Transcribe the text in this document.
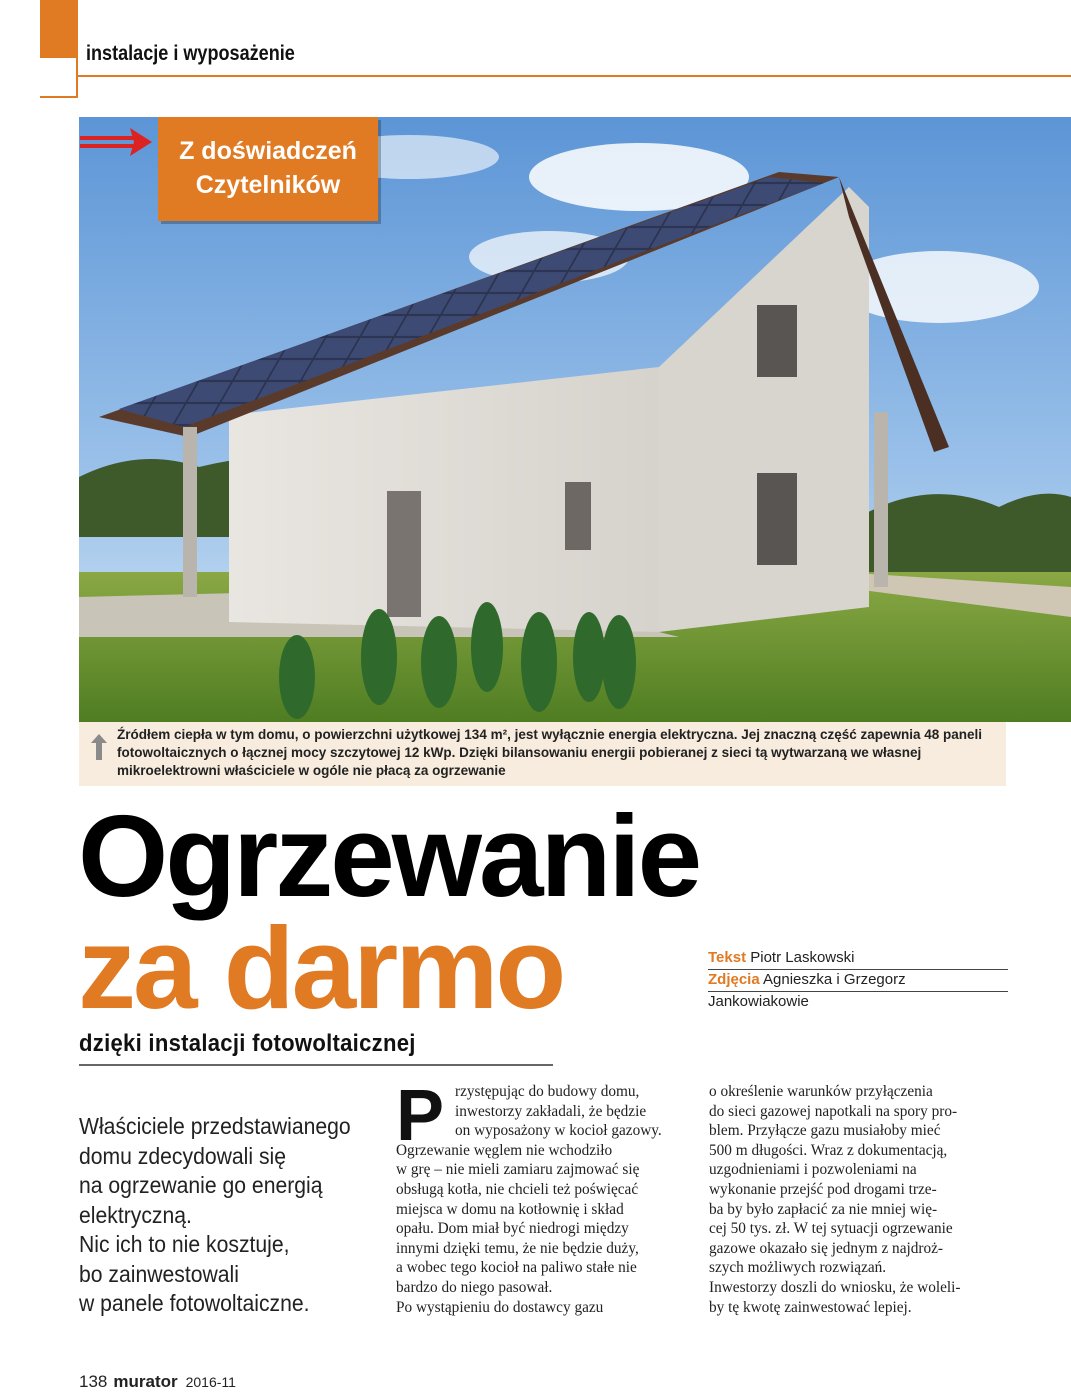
instalacje i wyposażenie
Z doświadczeń
Czytelników
Źródłem ciepła w tym domu, o powierzchni użytkowej 134 m², jest wyłącznie energia elektryczna. Jej znaczną część zapewnia 48 paneli
fotowoltaicznych o łącznej mocy szczytowej 12 kWp. Dzięki bilansowaniu energii pobieranej z sieci tą wytwarzaną we własnej
mikroelektrowni właściciele w ogóle nie płacą za ogrzewanie
Ogrzewanie
za darmo	Tekst Piotr Laskowski
Zdjęcia Agnieszka i Grzegorz
Jankowiakowie
dzięki instalacji fotowoltaicznej
Właściciele przedstawianego
domu zdecydowali się
na ogrzewanie go energią
elektryczną.
Nic ich to nie kosztuje,
bo zainwestowali
w panele fotowoltaiczne.
P rzystępując do budowy domu,
inwestorzy zakładali, że będzie
on wyposażony w kocioł gazowy.
Ogrzewanie węglem nie wchodziło
w grę – nie mieli zamiaru zajmować się
obsługą kotła, nie chcieli też poświęcać
miejsca w domu na kotłownię i skład
opału. Dom miał być niedrogi między
innymi dzięki temu, że nie będzie duży,
a wobec tego kocioł na paliwo stałe nie
bardzo do niego pasował.
Po wystąpieniu do dostawcy gazu
o określenie warunków przyłączenia
do sieci gazowej napotkali na spory pro-
blem. Przyłącze gazu musiałoby mieć
500 m długości. Wraz z dokumentacją,
uzgodnieniami i pozwoleniami na
wykonanie przejść pod drogami trze-
ba by było zapłacić za nie mniej wię-
cej 50 tys. zł. W tej sytuacji ogrzewanie
gazowe okazało się jednym z najdroż-
szych możliwych rozwiązań.
Inwestorzy doszli do wniosku, że woleli-
by tę kwotę zainwestować lepiej.
138 murator 2016-11
